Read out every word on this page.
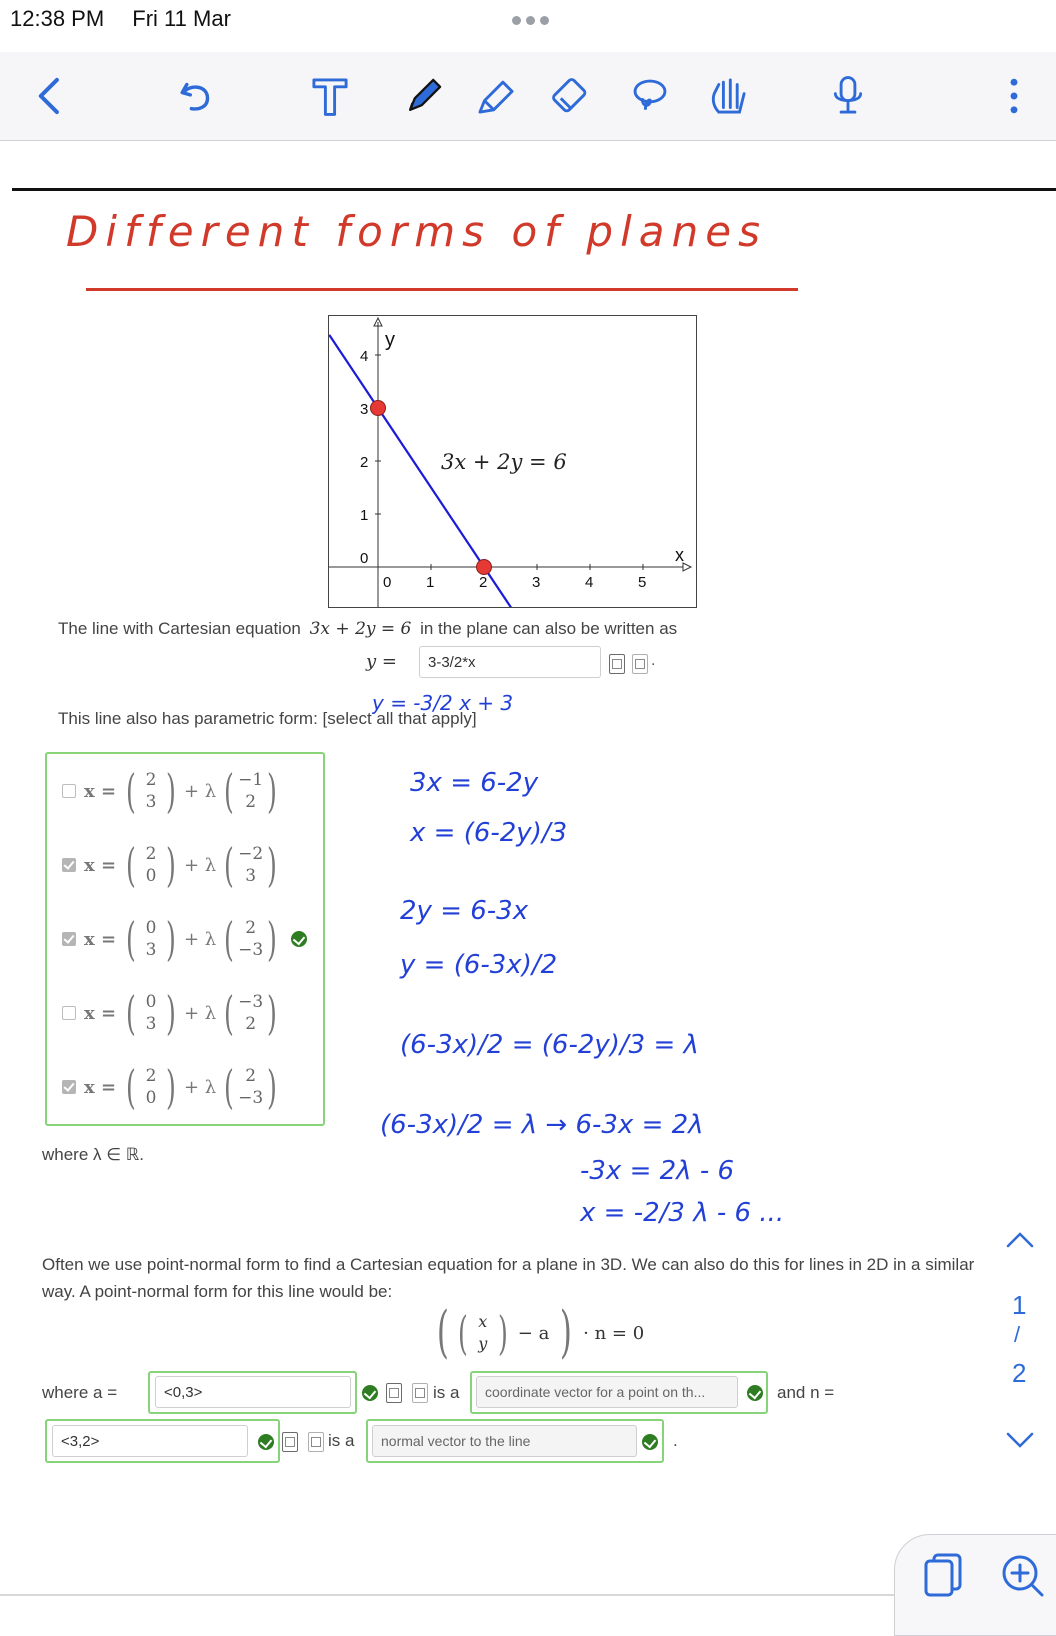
12:38 PM Fri 11 Mar
Different forms of planes
x
y
0 1	2	3	4	5
0
1
2
3
4
3x + 2y = 6
The line with Cartesian equation 3x + 2y = 6 in the plane can also be written as
y =	3-3/2*x	.
y = -3/2 x + 3
This line also has parametric form: [select all that apply]
x = ( 2
3 ) + λ ( −1
2 )
x = ( 2
0 ) + λ ( −2
3 )
x = ( 0
3 ) + λ ( 2
−3 )
x = ( 0
3 ) + λ ( −3
2 )
x = ( 2
0 ) + λ ( 2
−3 )
where λ ∈ ℝ.
3x = 6-2y
x = (6-2y)/3
2y = 6-3x
y = (6-3x)/2
(6-3x)/2 = (6-2y)/3 = λ
(6-3x)/2 = λ → 6-3x = 2λ
-3x = 2λ - 6
x = -2/3 λ - 6 ...
Often we use point-normal form to find a Cartesian equation for a plane in 3D. We can also do this for lines in 2D in a similar way. A point-normal form for this line would be:
( ( x
y ) − a ) · n = 0
where a =	<0,3>	is a	coordinate vector for a point on th...	and n =
<3,2>	is a	normal vector to the line	.
1
/
2
